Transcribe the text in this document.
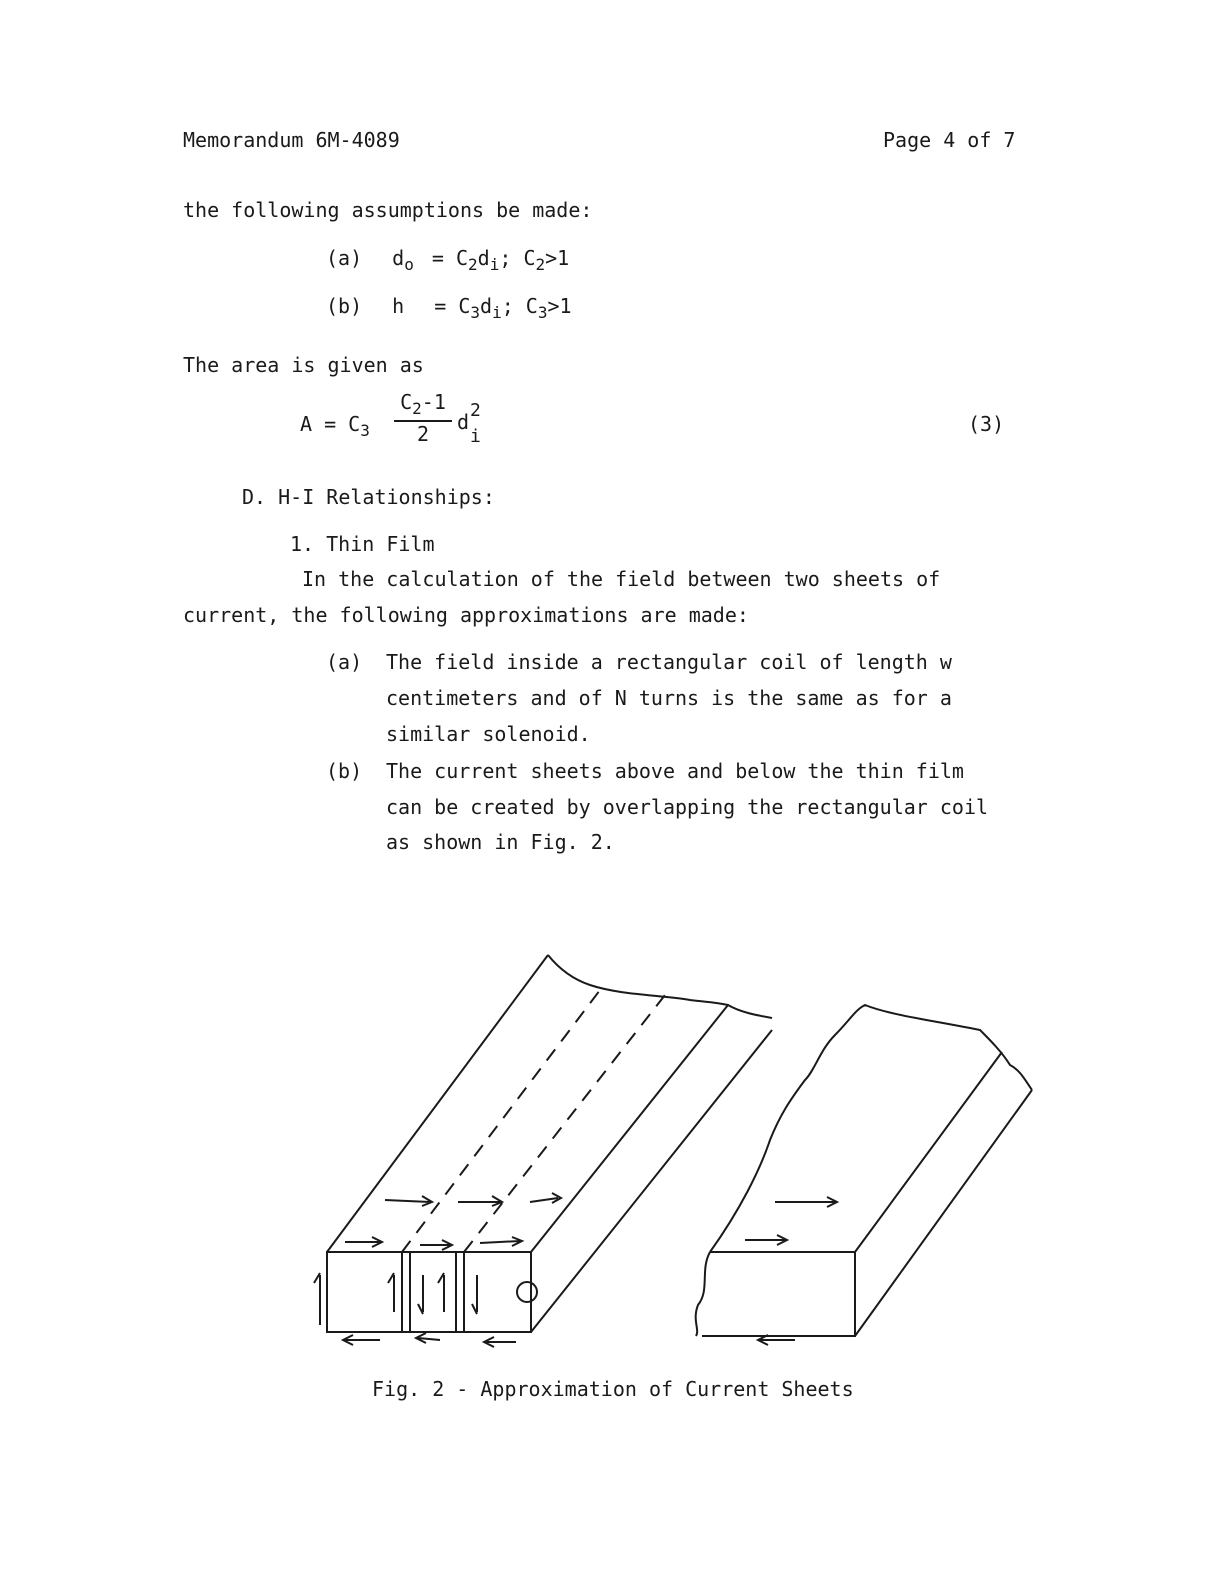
Memorandum 6M-4089	Page 4 of 7
the following assumptions be made:
(a) $d_o = C_2d_i$; $C_2>1$
(b) $h = C_3d_i$; $C_3>1$
The area is given as
$A = C_3$
$C_2-1$
2	d 2
i
(3)
D. H-I Relationships:
1. Thin Film
In the calculation of the field between two sheets of
current, the following approximations are made:
(a) The field inside a rectangular coil of length w
centimeters and of N turns is the same as for a
similar solenoid.
(b) The current sheets above and below the thin film
can be created by overlapping the rectangular coil
as shown in Fig. 2.
Fig. 2 - Approximation of Current Sheets
